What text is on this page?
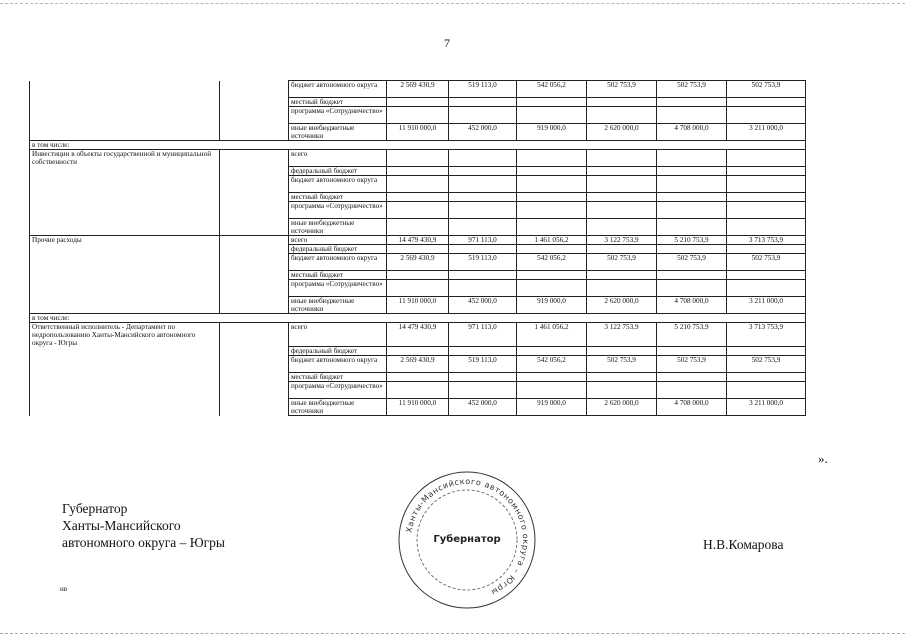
7
		бюджет автономного округа	2 569 430,9	519 113,0	542 056,2	502 753,9	502 753,9	502 753,9
		местный бюджет						
		программа «Сотрудничество»						
		иные внебюджетные источники	11 910 000,0	452 000,0	919 000,0	2 620 000,0	4 708 000,0	3 211 000,0
в том числе:								
Инвестиции в объекты государственной и муниципальной собственности		всего						
		федеральный бюджет						
		бюджет автономного округа						
		местный бюджет						
		программа «Сотрудничество»						
		иные внебюджетные источники						
Прочие расходы		всего	14 479 430,9	971 113,0	1 461 056,2	3 122 753,9	5 210 753,9	3 713 753,9
		федеральный бюджет						
		бюджет автономного округа	2 569 430,9	519 113,0	542 056,2	502 753,9	502 753,9	502 753,9
		местный бюджет						
		программа «Сотрудничество»						
		иные внебюджетные источники	11 910 000,0	452 000,0	919 000,0	2 620 000,0	4 708 000,0	3 211 000,0
в том числе:								
Ответственный исполнитель - Департамент по недропользованию Ханты-Мансийского автономного округа - Югры		всего	14 479 430,9	971 113,0	1 461 056,2	3 122 753,9	5 210 753,9	3 713 753,9
		федеральный бюджет						
		бюджет автономного округа	2 569 430,9	519 113,0	542 056,2	502 753,9	502 753,9	502 753,9
		местный бюджет						
		программа «Сотрудничество»						
		иные внебюджетные источники	11 910 000,0	452 000,0	919 000,0	2 620 000,0	4 708 000,0	3 211 000,0
».
Губернатор
Ханты-Мансийского
автономного округа – Югры
Ханты-Мансийского автономного округа – Югры
Губернатор	Н.В.Комарова
нв
